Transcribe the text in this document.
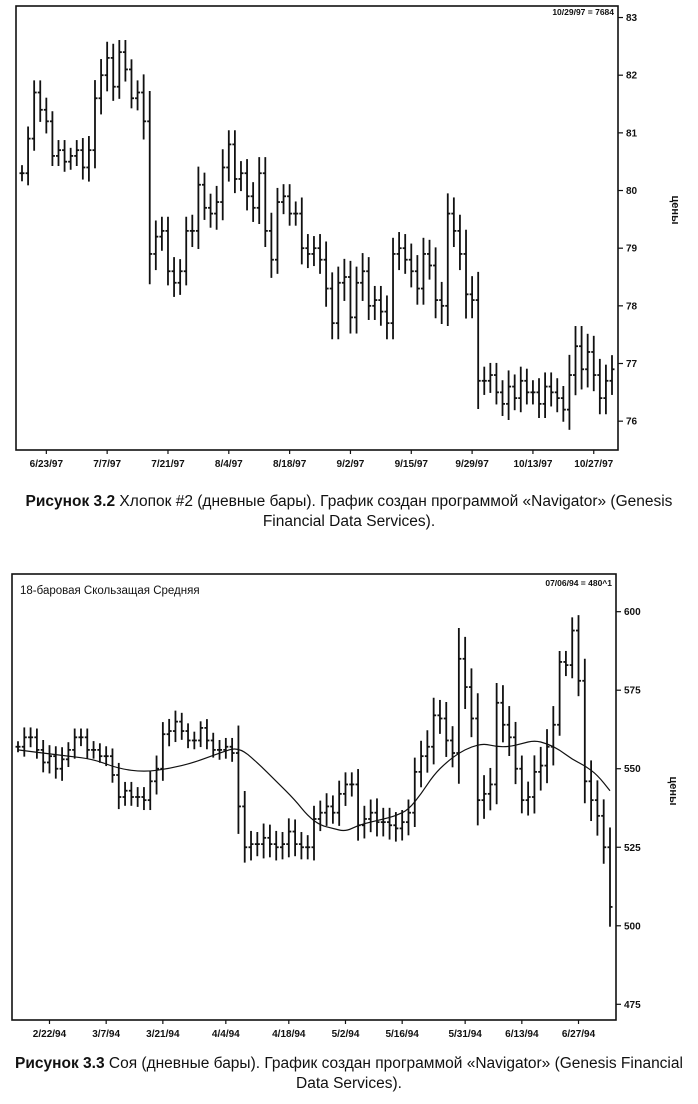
76
77
78
79
80
81
82
83
6/23/97	7/7/97	7/21/97	8/4/97	8/18/97	9/2/97	9/15/97	9/29/97 10/13/97 10/27/97
10/29/97 = 7684
цены
Рисунок 3.2 Хлопок #2 (дневные бары). График создан программой «Navigator» (Genesis Financial Data Services).
475
500
525
550
575
600
2/22/94	3/7/94	3/21/94	4/4/94	4/18/94	5/2/94	5/16/94	5/31/94 6/13/94 6/27/94
18-баровая Скользащая Средняя
07/06/94 = 480^1
цены
Рисунок 3.3 Соя (дневные бары). График создан программой «Navigator» (Genesis Financial Data Services).
